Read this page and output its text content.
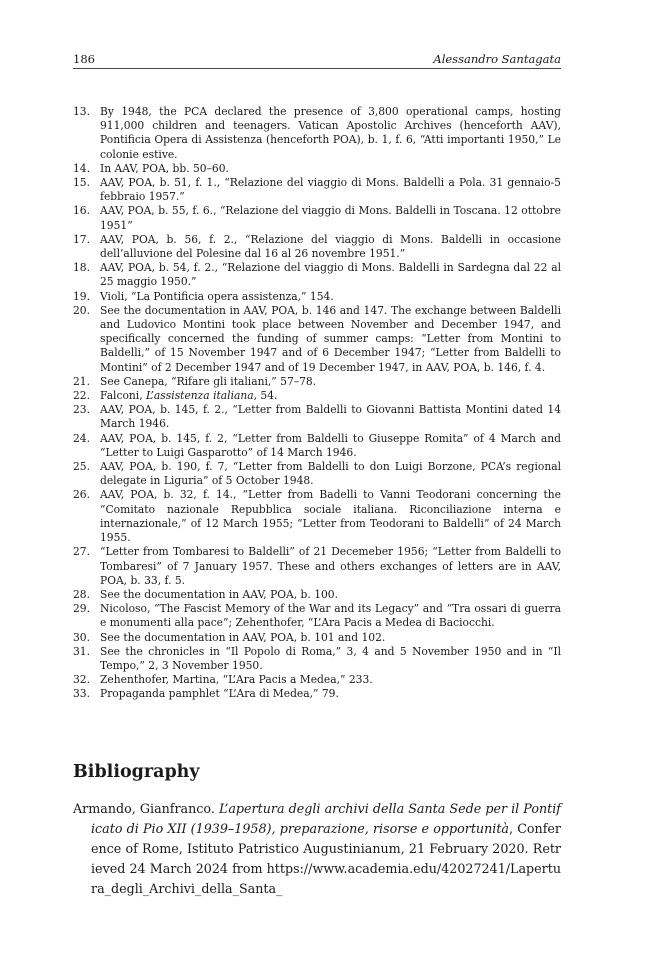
186	Alessandro Santagata
13. By 1948, the PCA declared the presence of 3,800 operational camps, hosting 911,000 children and teenagers. Vatican Apostolic Archives (henceforth AAV), Pontificia Opera di Assistenza (henceforth POA), b. 1, f. 6, “Atti importanti 1950,” Le colonie estive.
14. In AAV, POA, bb. 50–60.
15. AAV, POA, b. 51, f. 1., “Relazione del viaggio di Mons. Baldelli a Pola. 31 gennaio-5 febbraio 1957.”
16. AAV, POA, b. 55, f. 6., “Relazione del viaggio di Mons. Baldelli in Toscana. 12 ottobre 1951”
17. AAV, POA, b. 56, f. 2., “Relazione del viaggio di Mons. Baldelli in occasione dell’alluvione del Polesine dal 16 al 26 novembre 1951.”
18. AAV, POA, b. 54, f. 2., “Relazione del viaggio di Mons. Baldelli in Sardegna dal 22 al 25 maggio 1950.”
19. Violi, “La Pontificia opera assistenza,” 154.
20. See the documentation in AAV, POA, b. 146 and 147. The exchange between Baldelli and Ludovico Montini took place between November and December 1947, and specifically concerned the funding of summer camps: “Letter from Montini to Baldelli,” of 15 November 1947 and of 6 December 1947; “Letter from Baldelli to Montini” of 2 December 1947 and of 19 December 1947, in AAV, POA, b. 146, f. 4.
21. See Canepa, “Rifare gli italiani,” 57–78.
22. Falconi, L’assistenza italiana, 54.
23. AAV, POA, b. 145, f. 2., “Letter from Baldelli to Giovanni Battista Montini dated 14 March 1946.
24. AAV, POA, b. 145, f. 2, “Letter from Baldelli to Giuseppe Romita” of 4 March and “Letter to Luigi Gasparotto” of 14 March 1946.
25. AAV, POA, b. 190, f. 7, “Letter from Baldelli to don Luigi Borzone, PCA’s regional delegate in Liguria” of 5 October 1948.
26. AAV, POA, b. 32, f. 14., “Letter from Badelli to Vanni Teodorani concerning the “Comitato nazionale Repubblica sociale italiana. Riconciliazione interna e internazionale,” of 12 March 1955; “Letter from Teodorani to Baldelli” of 24 March 1955.
27. “Letter from Tombaresi to Baldelli” of 21 Decemeber 1956; “Letter from Baldelli to Tombaresi” of 7 January 1957. These and others exchanges of letters are in AAV, POA, b. 33, f. 5.
28. See the documentation in AAV, POA, b. 100.
29. Nicoloso, “The Fascist Memory of the War and its Legacy” and “Tra ossari di guerra e monumenti alla pace”; Zehenthofer, “L’Ara Pacis a Medea di Baciocchi.
30. See the documentation in AAV, POA, b. 101 and 102.
31. See the chronicles in “Il Popolo di Roma,” 3, 4 and 5 November 1950 and in “Il Tempo,” 2, 3 November 1950.
32. Zehenthofer, Martina, “L’Ara Pacis a Medea,” 233.
33. Propaganda pamphlet “L’Ara di Medea,” 79.
Bibliography
Armando, Gianfranco. L’apertura degli archivi della Santa Sede per il Pontificato di Pio XII (1939–1958), preparazione, risorse e opportunità, Conference of Rome, Istituto Patristico Augustinianum, 21 February 2020. Retrieved 24 March 2024 from https://www.academia.edu/42027241/Lapertura_degli_Archivi_della_Santa_
